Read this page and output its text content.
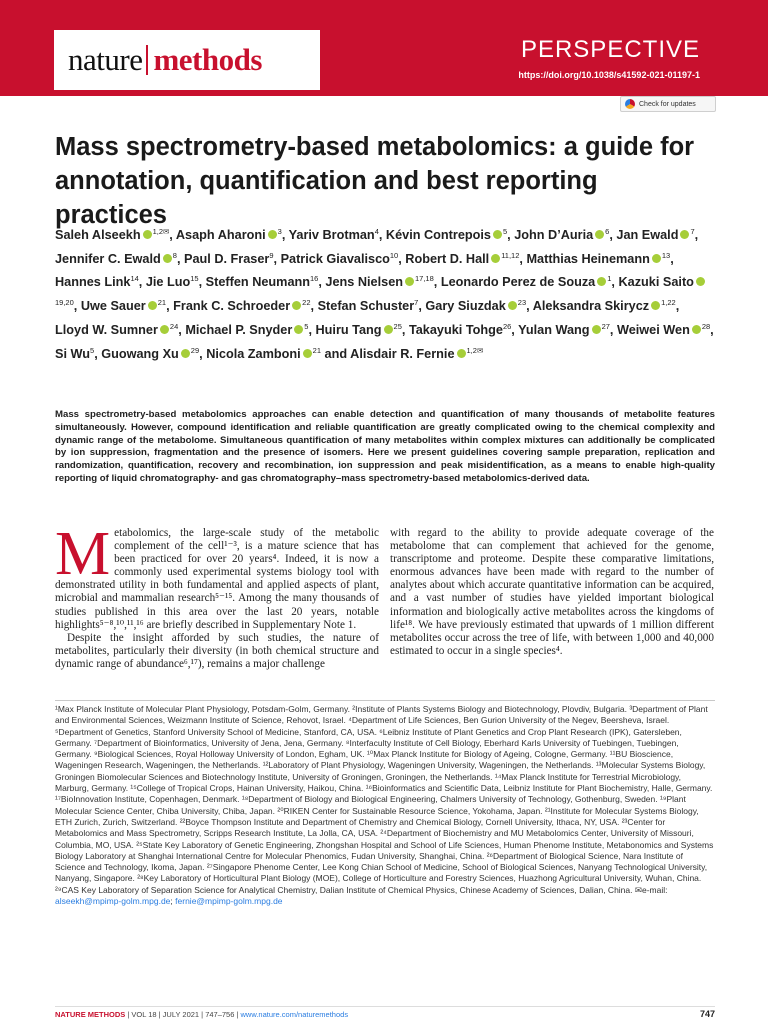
nature methods	PERSPECTIVE
https://doi.org/10.1038/s41592-021-01197-1
Check for updates
Mass spectrometry-based metabolomics: a guide for annotation, quantification and best reporting practices
Saleh Alseekh $^{1,2✉}$, Asaph Aharoni $^3$, Yariv Brotman$^4$, Kévin Contrepois $^5$, John D’Auria $^6$, Jan Ewald $^7$, Jennifer C. Ewald $^8$, Paul D. Fraser$^9$, Patrick Giavalisco$^{10}$, Robert D. Hall $^{11,12}$, Matthias Heinemann $^{13}$, Hannes Link$^{14}$, Jie Luo$^{15}$, Steffen Neumann$^{16}$, Jens Nielsen $^{17,18}$, Leonardo Perez de Souza $^1$, Kazuki Saito$^{19,20}$, Uwe Sauer $^{21}$, Frank C. Schroeder $^{22}$, Stefan Schuster$^7$, Gary Siuzdak $^{23}$, Aleksandra Skirycz $^{1,22}$, Lloyd W. Sumner $^{24}$, Michael P. Snyder $^5$, Huiru Tang $^{25}$, Takayuki Tohge$^{26}$, Yulan Wang $^{27}$, Weiwei Wen $^{28}$, Si Wu$^5$, Guowang Xu $^{29}$, Nicola Zamboni $^{21}$ and Alisdair R. Fernie $^{1,2✉}$
Mass spectrometry-based metabolomics approaches can enable detection and quantification of many thousands of metabolite features simultaneously. However, compound identification and reliable quantification are greatly complicated owing to the chemical complexity and dynamic range of the metabolome. Simultaneous quantification of many metabolites within complex mixtures can additionally be complicated by ion suppression, fragmentation and the presence of isomers. Here we present guidelines covering sample preparation, replication and randomization, quantification, recovery and recombination, ion suppression and peak misidentification, as a means to enable high-quality reporting of liquid chromatography- and gas chromatography–mass spectrometry-based metabolomics-derived data.
M etabolomics, the large-scale study of the metabolic complement of the cell¹⁻³, is a mature science that has been practiced for over 20 years⁴. Indeed, it is now a commonly used experimental systems biology tool with demonstrated utility in both fundamental and applied aspects of plant, microbial and mammalian research⁵⁻¹⁵. Among the many thousands of studies published in this area over the last 20 years, notable highlights⁵⁻⁸,¹⁰,¹¹,¹⁶ are briefly described in Supplementary Note 1.

Despite the insight afforded by such studies, the nature of metabolites, particularly their diversity (in both chemical structure and dynamic range of abundance⁶,¹⁷), remains a major challenge

with regard to the ability to provide adequate coverage of the metabolome that can complement that achieved for the genome, transcriptome and proteome. Despite these comparative limitations, enormous advances have been made with regard to the number of analytes about which accurate quantitative information can be acquired, and a vast number of studies have yielded important biological information and biologically active metabolites across the kingdoms of life¹⁸. We have previously estimated that upwards of 1 million different metabolites occur across the tree of life, with between 1,000 and 40,000 estimated to occur in a single species⁴.

¹Max Planck Institute of Molecular Plant Physiology, Potsdam-Golm, Germany. ²Institute of Plants Systems Biology and Biotechnology, Plovdiv, Bulgaria. ³Department of Plant and Environmental Sciences, Weizmann Institute of Science, Rehovot, Israel. ⁴Department of Life Sciences, Ben Gurion University of the Negev, Beersheva, Israel. ⁵Department of Genetics, Stanford University School of Medicine, Stanford, CA, USA. ⁶Leibniz Institute of Plant Genetics and Crop Plant Research (IPK), Gatersleben, Germany. ⁷Department of Bioinformatics, University of Jena, Jena, Germany. ⁸Interfaculty Institute of Cell Biology, Eberhard Karls University of Tuebingen, Tuebingen, Germany. ⁹Biological Sciences, Royal Holloway University of London, Egham, UK. ¹⁰Max Planck Institute for Biology of Ageing, Cologne, Germany. ¹¹BU Bioscience, Wageningen Research, Wageningen, the Netherlands. ¹²Laboratory of Plant Physiology, Wageningen University, Wageningen, the Netherlands. ¹³Molecular Systems Biology, Groningen Biomolecular Sciences and Biotechnology Institute, University of Groningen, Groningen, the Netherlands. ¹⁴Max Planck Institute for Terrestrial Microbiology, Marburg, Germany. ¹⁵College of Tropical Crops, Hainan University, Haikou, China. ¹⁶Bioinformatics and Scientific Data, Leibniz Institute for Plant Biochemistry, Halle, Germany. ¹⁷BioInnovation Institute, Copenhagen, Denmark. ¹⁸Department of Biology and Biological Engineering, Chalmers University of Technology, Gothenburg, Sweden. ¹⁹Plant Molecular Science Center, Chiba University, Chiba, Japan. ²⁰RIKEN Center for Sustainable Resource Science, Yokohama, Japan. ²¹Institute for Molecular Systems Biology, ETH Zurich, Zurich, Switzerland. ²²Boyce Thompson Institute and Department of Chemistry and Chemical Biology, Cornell University, Ithaca, NY, USA. ²³Center for Metabolomics and Mass Spectrometry, Scripps Research Institute, La Jolla, CA, USA. ²⁴Department of Biochemistry and MU Metabolomics Center, University of Missouri, Columbia, MO, USA. ²⁵State Key Laboratory of Genetic Engineering, Zhongshan Hospital and School of Life Sciences, Human Phenome Institute, Metabonomics and Systems Biology Laboratory at Shanghai International Centre for Molecular Phenomics, Fudan University, Shanghai, China. ²⁶Department of Biological Science, Nara Institute of Science and Technology, Ikoma, Japan. ²⁷Singapore Phenome Center, Lee Kong Chian School of Medicine, School of Biological Sciences, Nanyang Technological University, Nanyang, Singapore. ²⁸Key Laboratory of Horticultural Plant Biology (MOE), College of Horticulture and Forestry Sciences, Huazhong Agricultural University, Wuhan, China. ²⁹CAS Key Laboratory of Separation Science for Analytical Chemistry, Dalian Institute of Chemical Physics, Chinese Academy of Sciences, Dalian, China. ✉e-mail: alseekh@mpimp-golm.mpg.de; fernie@mpimp-golm.mpg.de
NATURE METHODS | VOL 18 | JULY 2021 | 747–756 | www.nature.com/naturemethods	747
